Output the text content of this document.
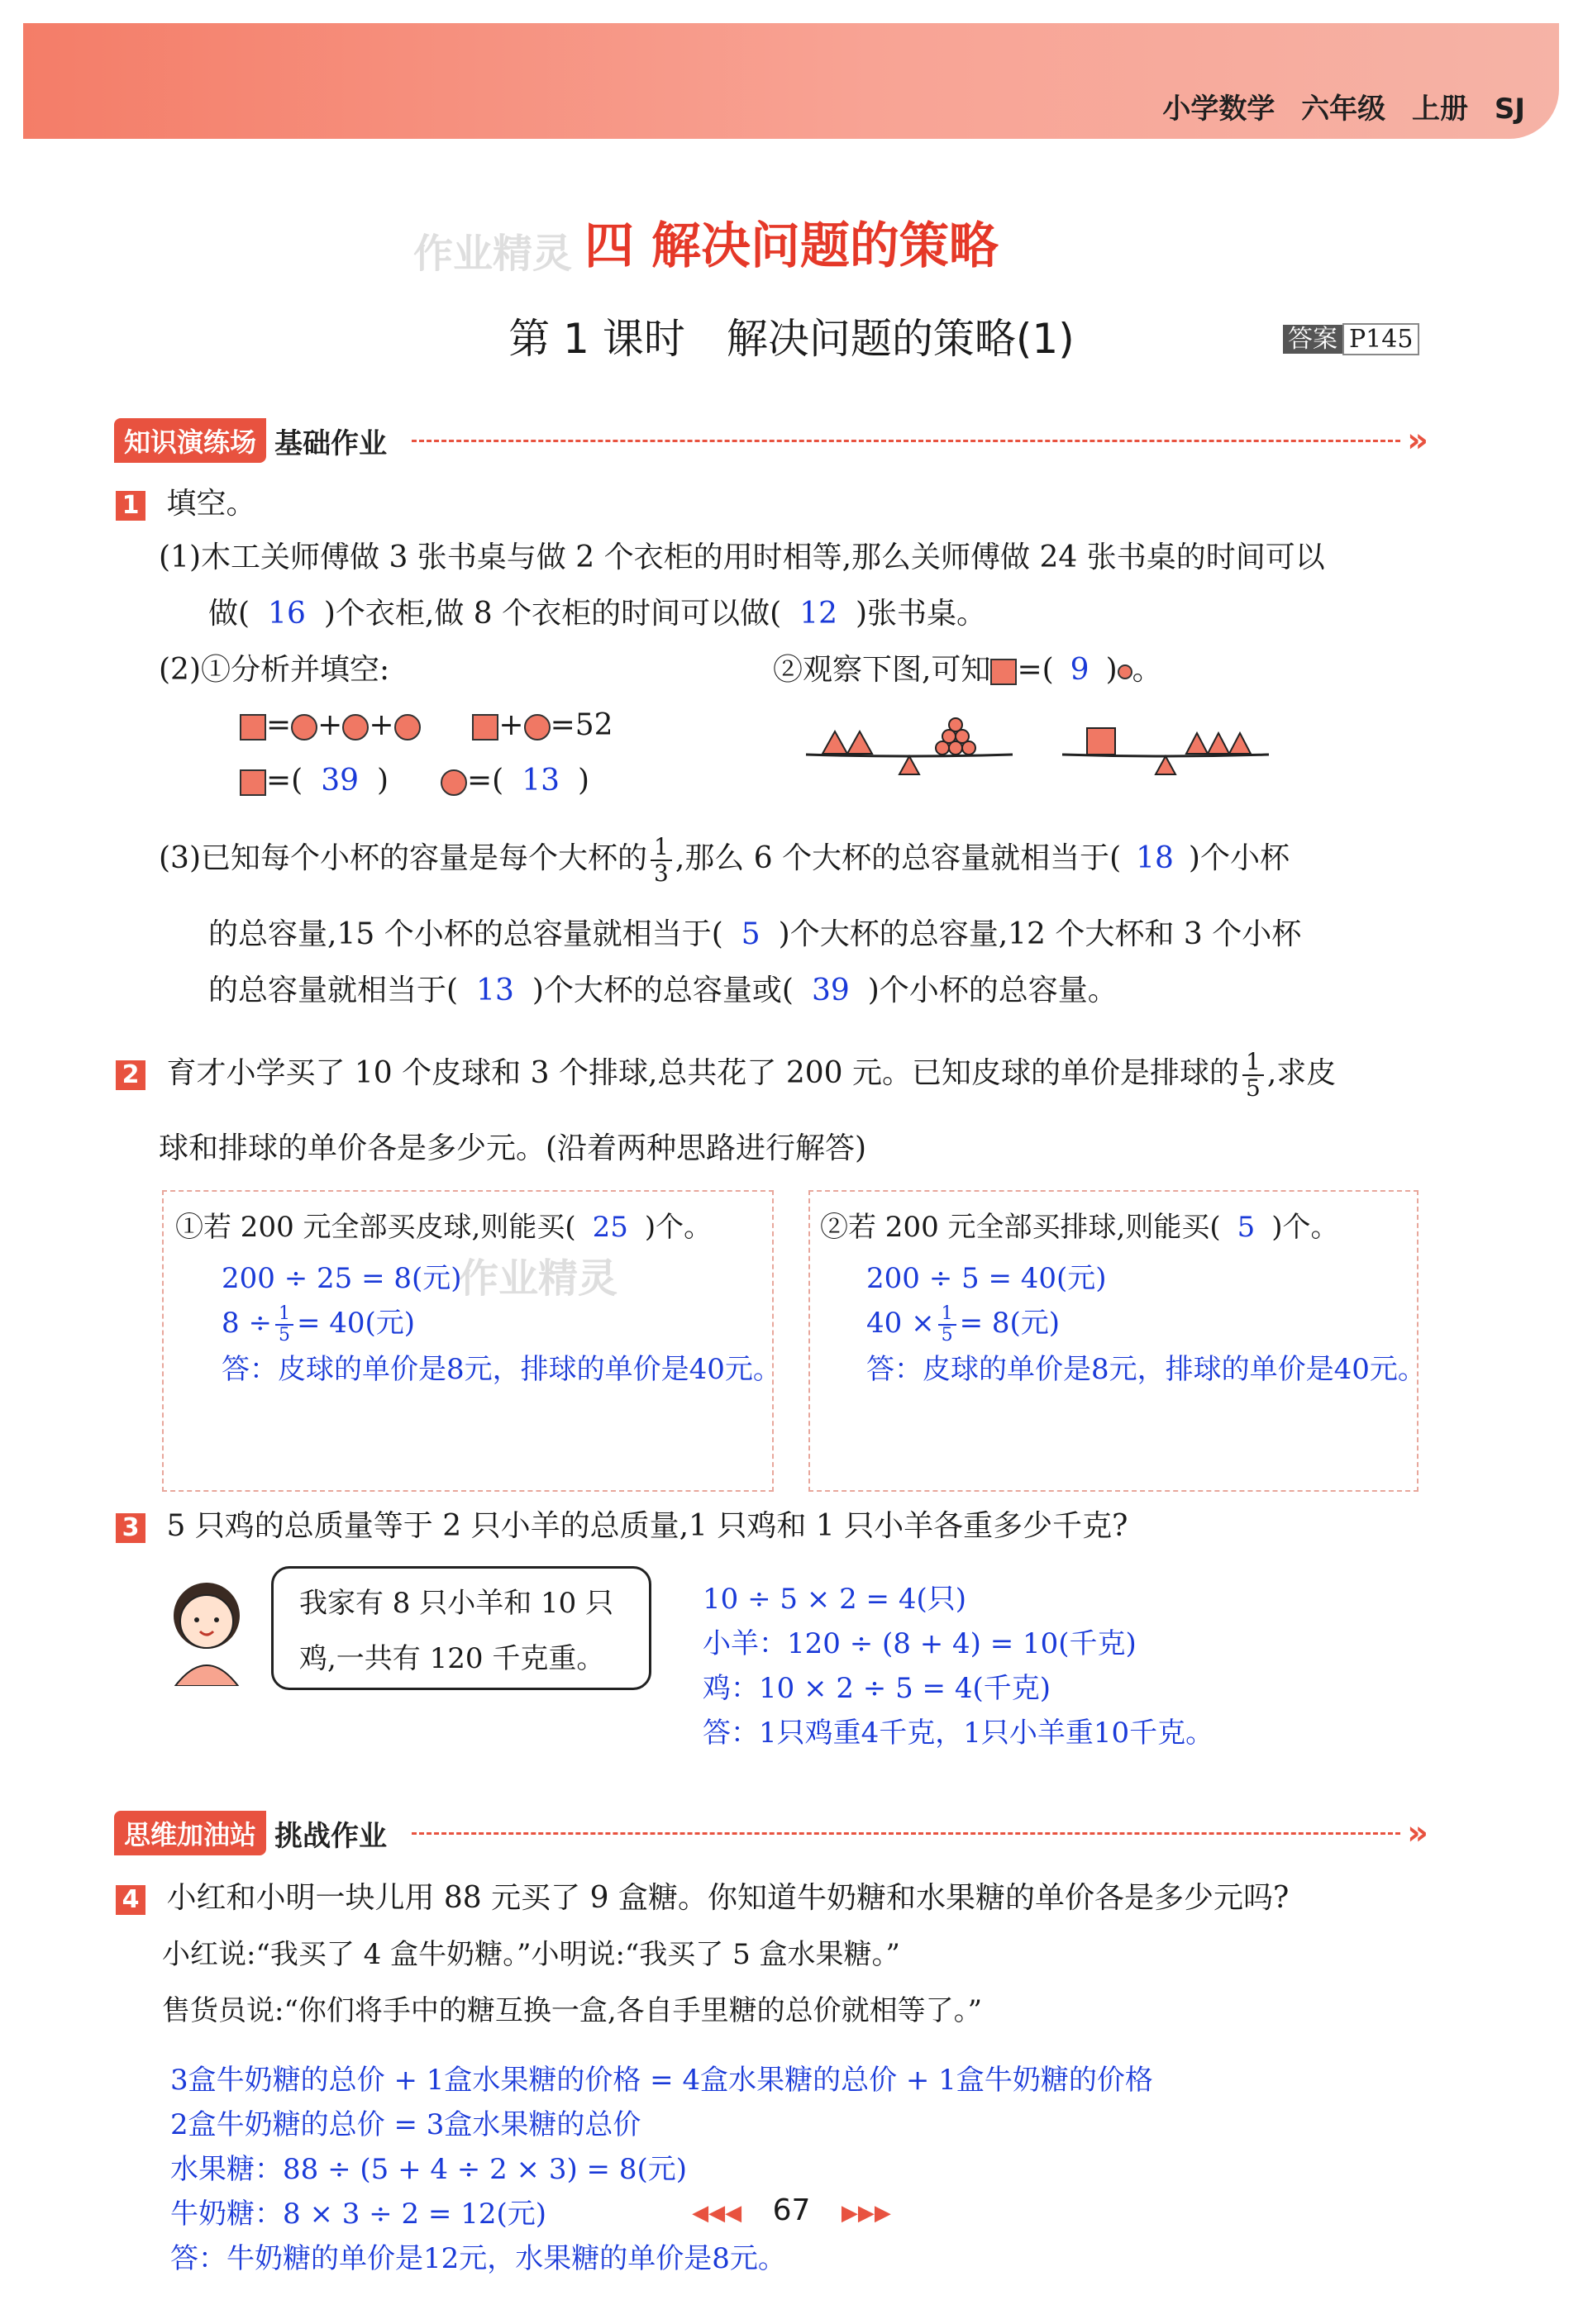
小学数学 六年级 上册 SJ
作业精灵 四 解决问题的策略
第 1 课时　解决问题的策略(1)	答案 P145
知识演练场 基础作业	»
1 填空。
(1)木工关师傅做 3 张书桌与做 2 个衣柜的用时相等,那么关师傅做 24 张书桌的时间可以
做( 16 )个衣柜,做 8 个衣柜的时间可以做( 12 )张书桌。
(2)①分析并填空:	②观察下图,可知 =( 9 ) 。
= + +	+ =52
=( 39 )	=( 13 )
(3)已知每个小杯的容量是每个大杯的 $\frac{1}{3}$ ,那么 6 个大杯的总容量就相当于( 18 )个小杯
的总容量,15 个小杯的总容量就相当于( 5 )个大杯的总容量,12 个大杯和 3 个小杯
的总容量就相当于( 13 )个大杯的总容量或( 39 )个小杯的总容量。
2 育才小学买了 10 个皮球和 3 个排球,总共花了 200 元。已知皮球的单价是排球的 $\frac{1}{5}$ ,求皮
球和排球的单价各是多少元。(沿着两种思路进行解答)
①若 200 元全部买皮球,则能买( 25 )个。
200 ÷ 25 = 8(元)
$8 \div \frac{1}{5} = 40$(元)
答：皮球的单价是8元，排球的单价是40元。
作业精灵
②若 200 元全部买排球,则能买( 5 )个。
200 ÷ 5 = 40(元)
$40 \times \frac{1}{5} = 8$(元)
答：皮球的单价是8元，排球的单价是40元。
3 5 只鸡的总质量等于 2 只小羊的总质量,1 只鸡和 1 只小羊各重多少千克?
我家有 8 只小羊和 10 只
鸡,一共有 120 千克重。
10 ÷ 5 × 2 = 4(只)
小羊：120 ÷ (8 + 4) = 10(千克)
鸡：10 × 2 ÷ 5 = 4(千克)
答：1只鸡重4千克，1只小羊重10千克。
思维加油站 挑战作业	»
4 小红和小明一块儿用 88 元买了 9 盒糖。你知道牛奶糖和水果糖的单价各是多少元吗?
小红说:“我买了 4 盒牛奶糖。”小明说:“我买了 5 盒水果糖。”
售货员说:“你们将手中的糖互换一盒,各自手里糖的总价就相等了。”
3盒牛奶糖的总价 + 1盒水果糖的价格 = 4盒水果糖的总价 + 1盒牛奶糖的价格
2盒牛奶糖的总价 = 3盒水果糖的总价
水果糖：88 ÷ (5 + 4 ÷ 2 × 3) = 8(元)
牛奶糖：8 × 3 ÷ 2 = 12(元)
答：牛奶糖的单价是12元，水果糖的单价是8元。
◀◀◀ 67 ▶▶▶
